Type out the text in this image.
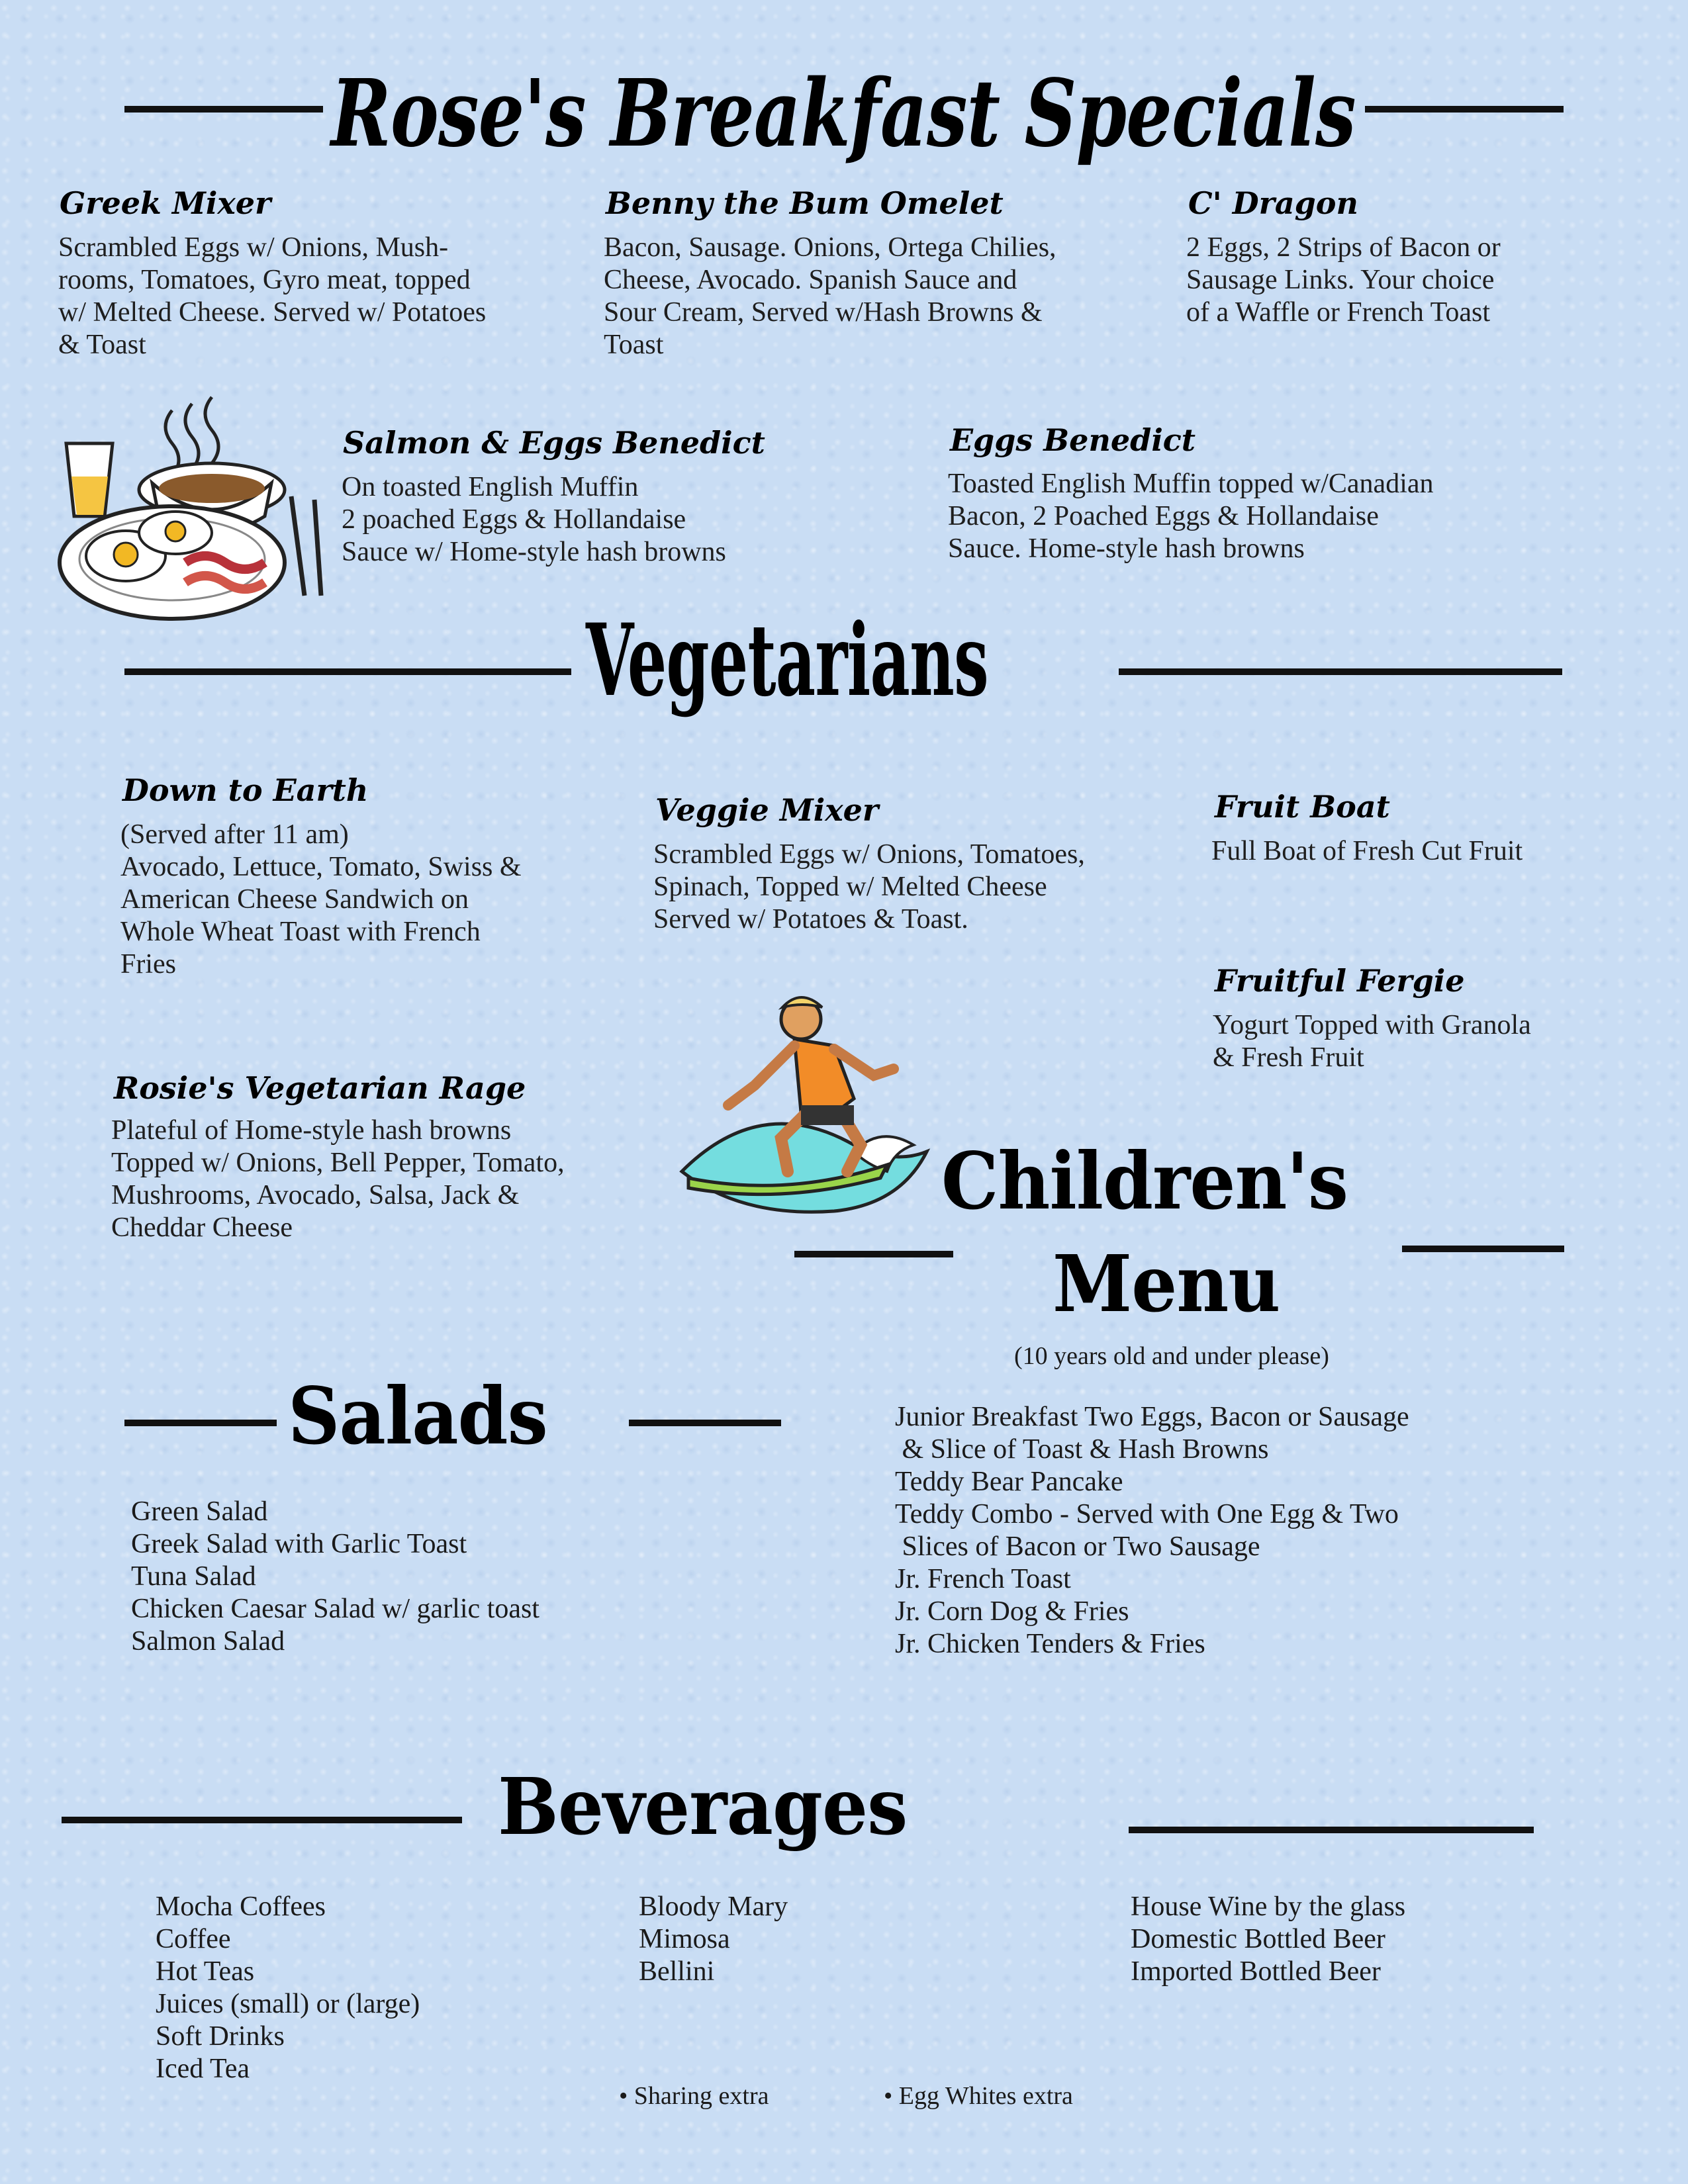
Rose's Breakfast Specials
Greek Mixer
Scrambled Eggs w/ Onions, Mush-
rooms, Tomatoes, Gyro meat, topped
w/ Melted Cheese. Served w/ Potatoes
& Toast
Benny the Bum Omelet
Bacon, Sausage. Onions, Ortega Chilies,
Cheese, Avocado. Spanish Sauce and
Sour Cream, Served w/Hash Browns &
Toast
C' Dragon
2 Eggs, 2 Strips of Bacon or
Sausage Links. Your choice
of a Waffle or French Toast
Salmon & Eggs Benedict
On toasted English Muffin
2 poached Eggs & Hollandaise
Sauce w/ Home-style hash browns
Eggs Benedict
Toasted English Muffin topped w/Canadian
Bacon, 2 Poached Eggs & Hollandaise
Sauce. Home-style hash browns
Vegetarians
Down to Earth
(Served after 11 am)
Avocado, Lettuce, Tomato, Swiss &
American Cheese Sandwich on
Whole Wheat Toast with French
Fries
Veggie Mixer
Scrambled Eggs w/ Onions, Tomatoes,
Spinach, Topped w/ Melted Cheese
Served w/ Potatoes & Toast.
Fruit Boat
Full Boat of Fresh Cut Fruit
Fruitful Fergie
Yogurt Topped with Granola
& Fresh Fruit
Rosie's Vegetarian Rage
Plateful of Home-style hash browns
Topped w/ Onions, Bell Pepper, Tomato,
Mushrooms, Avocado, Salsa, Jack &
Cheddar Cheese
Children's
Menu
(10 years old and under please)
Junior Breakfast Two Eggs, Bacon or Sausage
& Slice of Toast & Hash Browns
Teddy Bear Pancake
Teddy Combo - Served with One Egg & Two
Slices of Bacon or Two Sausage
Jr. French Toast
Jr. Corn Dog & Fries
Jr. Chicken Tenders & Fries
Salads
Green Salad
Greek Salad with Garlic Toast
Tuna Salad
Chicken Caesar Salad w/ garlic toast
Salmon Salad
Beverages
Mocha Coffees
Coffee
Hot Teas
Juices (small) or (large)
Soft Drinks
Iced Tea
Bloody Mary
Mimosa
Bellini
House Wine by the glass
Domestic Bottled Beer
Imported Bottled Beer
• Sharing extra	• Egg Whites extra
